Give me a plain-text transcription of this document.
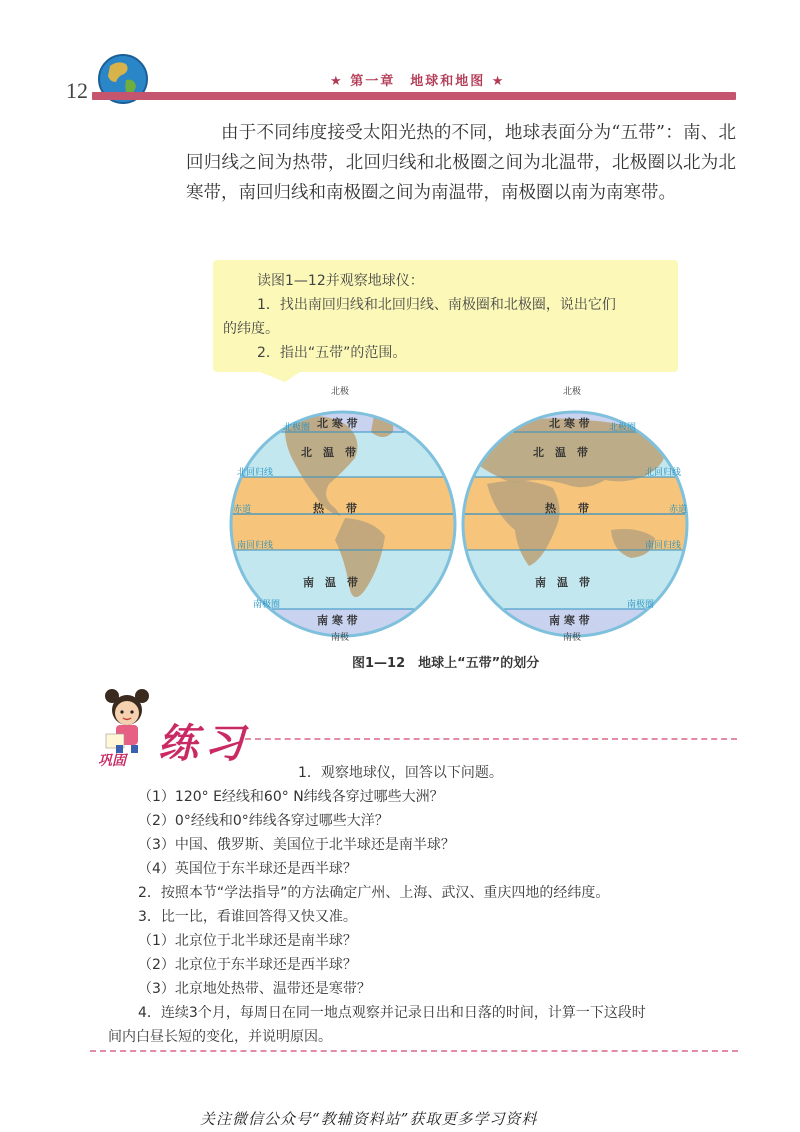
12	★ 第一章　地球和地图 ★
由于不同纬度接受太阳光热的不同，地球表面分为“五带”：南、北回归线之间为热带，北回归线和北极圈之间为北温带，北极圈以北为北寒带，南回归线和南极圈之间为南温带，南极圈以南为南寒带。
读图1—12并观察地球仪：
1．找出南回归线和北回归线、南极圈和北极圈，说出它们
的纬度。
2．指出“五带”的范围。
北极
北极圈 北 寒 带
北　温　带
北回归线
赤道	热　　带
南回归线
南　温　带
南极圈
南 寒 带
南极
北极
北极圈
北 寒 带
北　温　带
北回归线
赤道
热　　带
南回归线
南　温　带
南极圈
南 寒 带
南极
图1—12　地球上“五带”的划分
练习
巩固
1．观察地球仪，回答以下问题。
（1）120° E经线和60° N纬线各穿过哪些大洲？
（2）0°经线和0°纬线各穿过哪些大洋？
（3）中国、俄罗斯、美国位于北半球还是南半球？
（4）英国位于东半球还是西半球？
2．按照本节“学法指导”的方法确定广州、上海、武汉、重庆四地的经纬度。
3．比一比，看谁回答得又快又准。
（1）北京位于北半球还是南半球？
（2）北京位于东半球还是西半球？
（3）北京地处热带、温带还是寒带？
4．连续3个月，每周日在同一地点观察并记录日出和日落的时间，计算一下这段时
间内白昼长短的变化，并说明原因。
关注微信公众号“教辅资料站”获取更多学习资料
